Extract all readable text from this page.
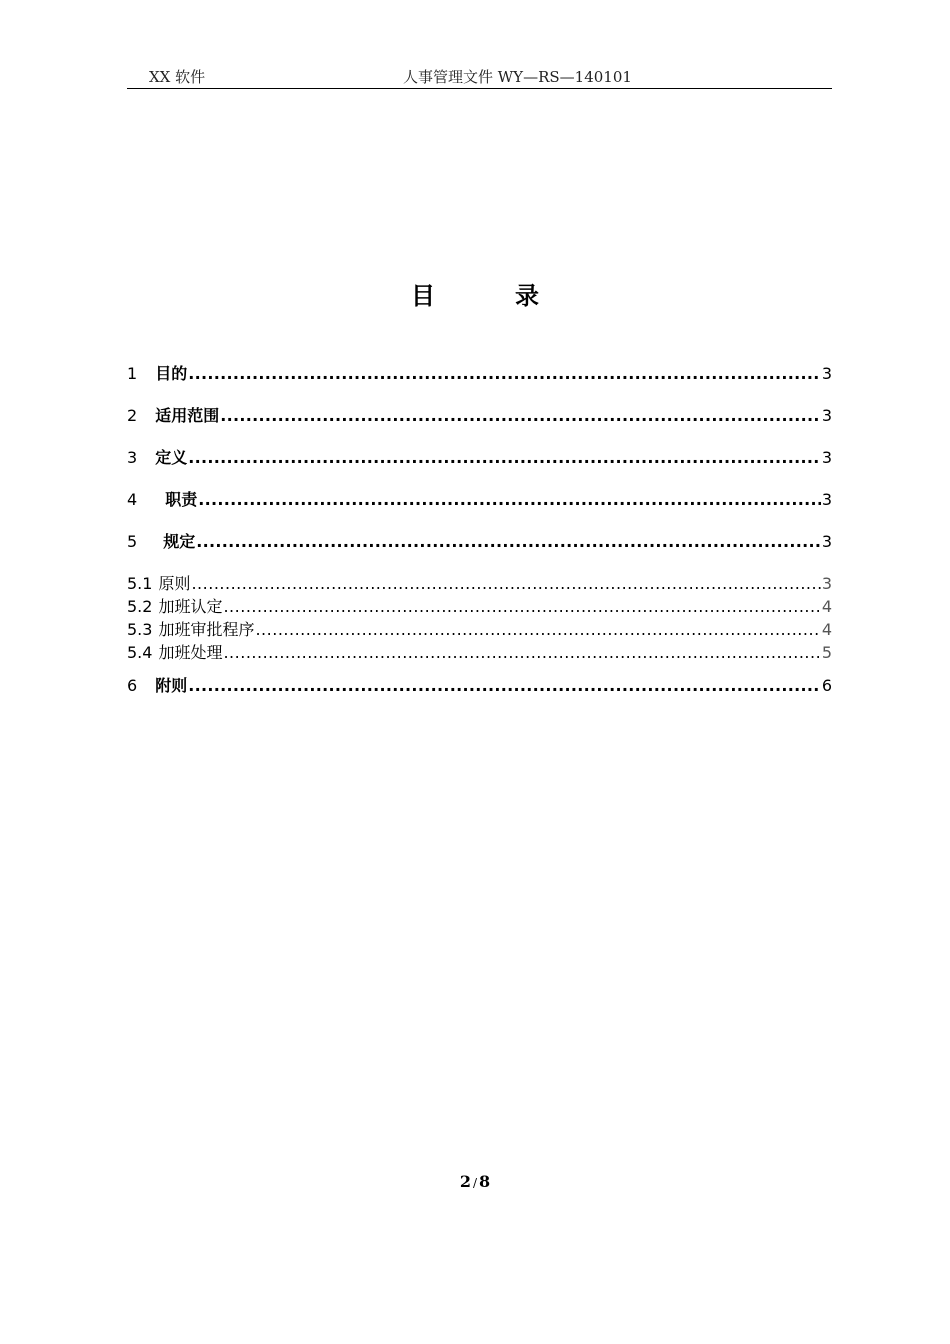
XX 软件	人事管理文件 WY—RS—140101
目　录
1 目的 .....	3
2 适用范围 .....	3
3 定义 .....	3
4 职责 .....	3
5 规定 .....	3
5.1 原则 .....	3
5.2 加班认定 .....	4
5.3 加班审批程序 .....	4
5.4 加班处理 .....	5
6 附则 .....	6
2 / 8
